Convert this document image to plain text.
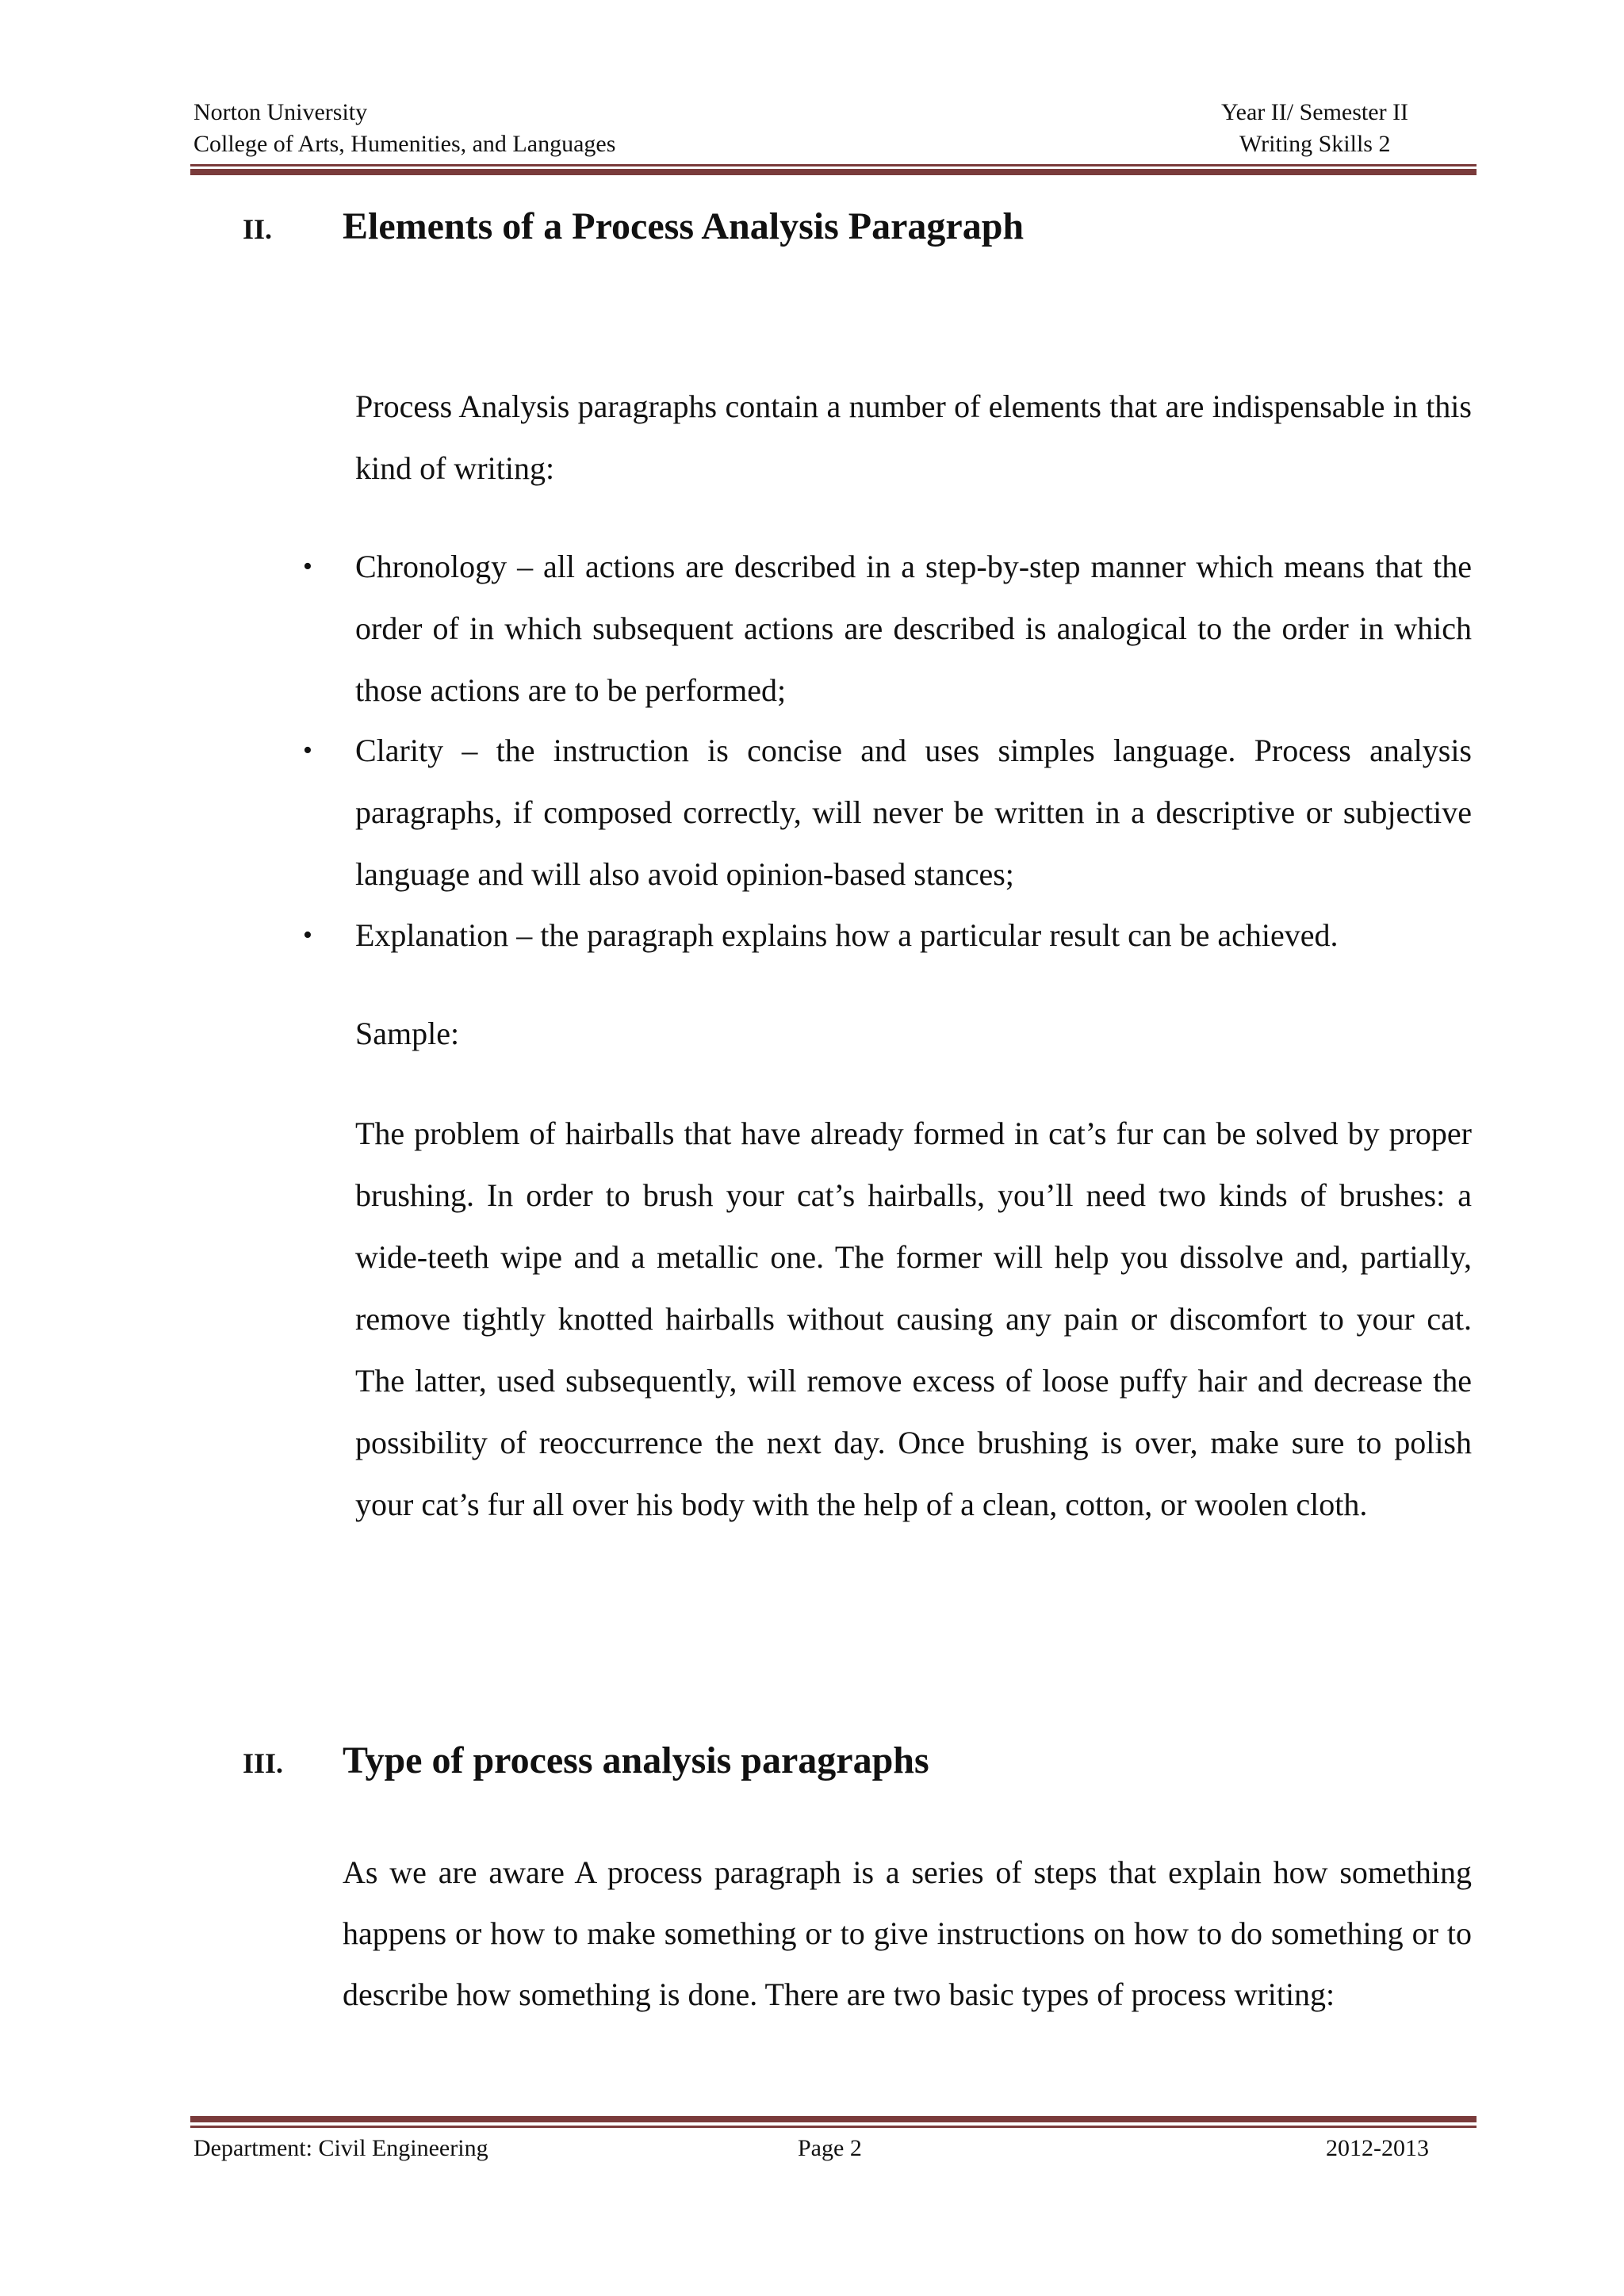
Norton University
College of Arts, Humenities, and Languages
Year II/ Semester II
Writing Skills 2
II. Elements of a Process Analysis Paragraph
Process Analysis paragraphs contain a number of elements that are indispensable in this kind of writing:
• Chronology – all actions are described in a step-by-step manner which means that the order of in which subsequent actions are described is analogical to the order in which those actions are to be performed;
• Clarity – the instruction is concise and uses simples language. Process analysis paragraphs, if composed correctly, will never be written in a descriptive or subjective language and will also avoid opinion-based stances;
• Explanation – the paragraph explains how a particular result can be achieved.
Sample:
The problem of hairballs that have already formed in cat’s fur can be solved by proper brushing. In order to brush your cat’s hairballs, you’ll need two kinds of brushes: a wide-teeth wipe and a metallic one. The former will help you dissolve and, partially, remove tightly knotted hairballs without causing any pain or discomfort to your cat. The latter, used subsequently, will remove excess of loose puffy hair and decrease the possibility of reoccurrence the next day. Once brushing is over, make sure to polish your cat’s fur all over his body with the help of a clean, cotton, or woolen cloth.
III. Type of process analysis paragraphs
As we are aware A process paragraph is a series of steps that explain how something happens or how to make something or to give instructions on how to do something or to describe how something is done. There are two basic types of process writing:
Department: Civil Engineering	Page 2	2012-2013
